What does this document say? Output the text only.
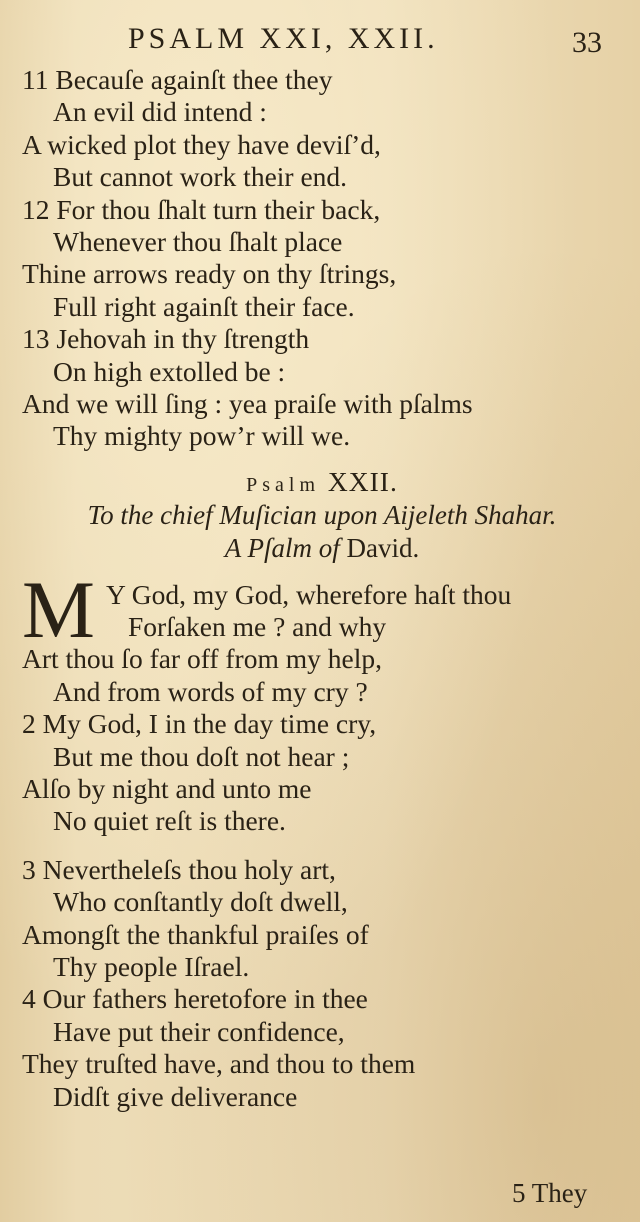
PSALM XXI, XXII.	33
11 Becauſe againſt thee they
An evil did intend :
A wicked plot they have deviſ’d,
But cannot work their end.
12 For thou ſhalt turn their back,
Whenever thou ſhalt place
Thine arrows ready on thy ſtrings,
Full right againſt their face.
13 Jehovah in thy ſtrength
On high extolled be :
And we will ſing : yea praiſe with pſalms
Thy mighty pow’r will we.
Psalm XXII.
To the chief Muſician upon Aijeleth Shahar.
A Pſalm of David.
M Y God, my God, wherefore haſt thou
Forſaken me ? and why
Art thou ſo far off from my help,
And from words of my cry ?
2 My God, I in the day time cry,
But me thou doſt not hear ;
Alſo by night and unto me
No quiet reſt is there.
3 Neverthelеſs thou holy art,
Who conſtantly doſt dwell,
Amongſt the thankful praiſes of
Thy people Iſrael.
4 Our fathers heretofore in thee
Have put their confidence,
They truſted have, and thou to them
Didſt give deliverance
5 They
